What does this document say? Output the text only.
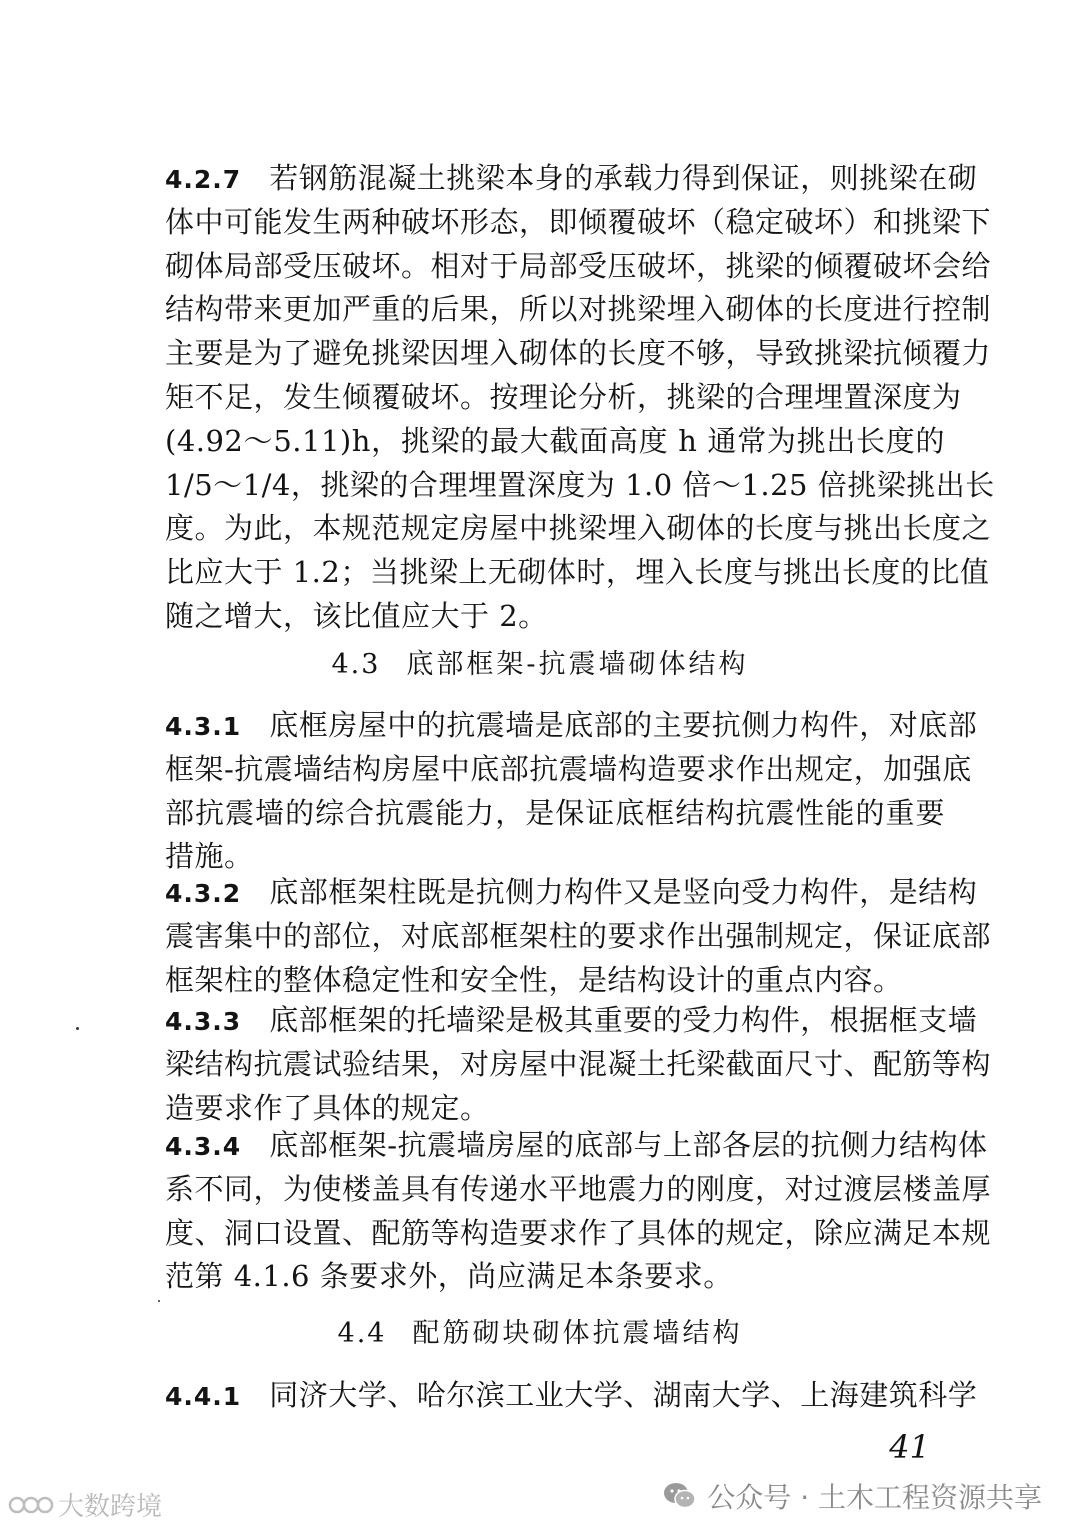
4.2.7 若钢筋混凝土挑梁本身的承载力得到保证，则挑梁在砌
体中可能发生两种破坏形态，即倾覆破坏（稳定破坏）和挑梁下
砌体局部受压破坏。相对于局部受压破坏，挑梁的倾覆破坏会给
结构带来更加严重的后果，所以对挑梁埋入砌体的长度进行控制
主要是为了避免挑梁因埋入砌体的长度不够，导致挑梁抗倾覆力
矩不足，发生倾覆破坏。按理论分析，挑梁的合理埋置深度为
(4.92～5.11)h，挑梁的最大截面高度 h 通常为挑出长度的
1/5～1/4，挑梁的合理埋置深度为 1.0 倍～1.25 倍挑梁挑出长
度。为此，本规范规定房屋中挑梁埋入砌体的长度与挑出长度之
比应大于 1.2；当挑梁上无砌体时，埋入长度与挑出长度的比值
随之增大，该比值应大于 2。
4.3 底部框架-抗震墙砌体结构
4.3.1 底框房屋中的抗震墙是底部的主要抗侧力构件，对底部
框架-抗震墙结构房屋中底部抗震墙构造要求作出规定，加强底
部抗震墙的综合抗震能力，是保证底框结构抗震性能的重要
措施。
4.3.2 底部框架柱既是抗侧力构件又是竖向受力构件，是结构
震害集中的部位，对底部框架柱的要求作出强制规定，保证底部
框架柱的整体稳定性和安全性，是结构设计的重点内容。
4.3.3 底部框架的托墙梁是极其重要的受力构件，根据框支墙
梁结构抗震试验结果，对房屋中混凝土托梁截面尺寸、配筋等构
造要求作了具体的规定。
4.3.4 底部框架-抗震墙房屋的底部与上部各层的抗侧力结构体
系不同，为使楼盖具有传递水平地震力的刚度，对过渡层楼盖厚
度、洞口设置、配筋等构造要求作了具体的规定，除应满足本规
范第 4.1.6 条要求外，尚应满足本条要求。
4.4 配筋砌块砌体抗震墙结构
4.4.1 同济大学、哈尔滨工业大学、湖南大学、上海建筑科学
41
公众号 · 土木工程资源共享
大数跨境
